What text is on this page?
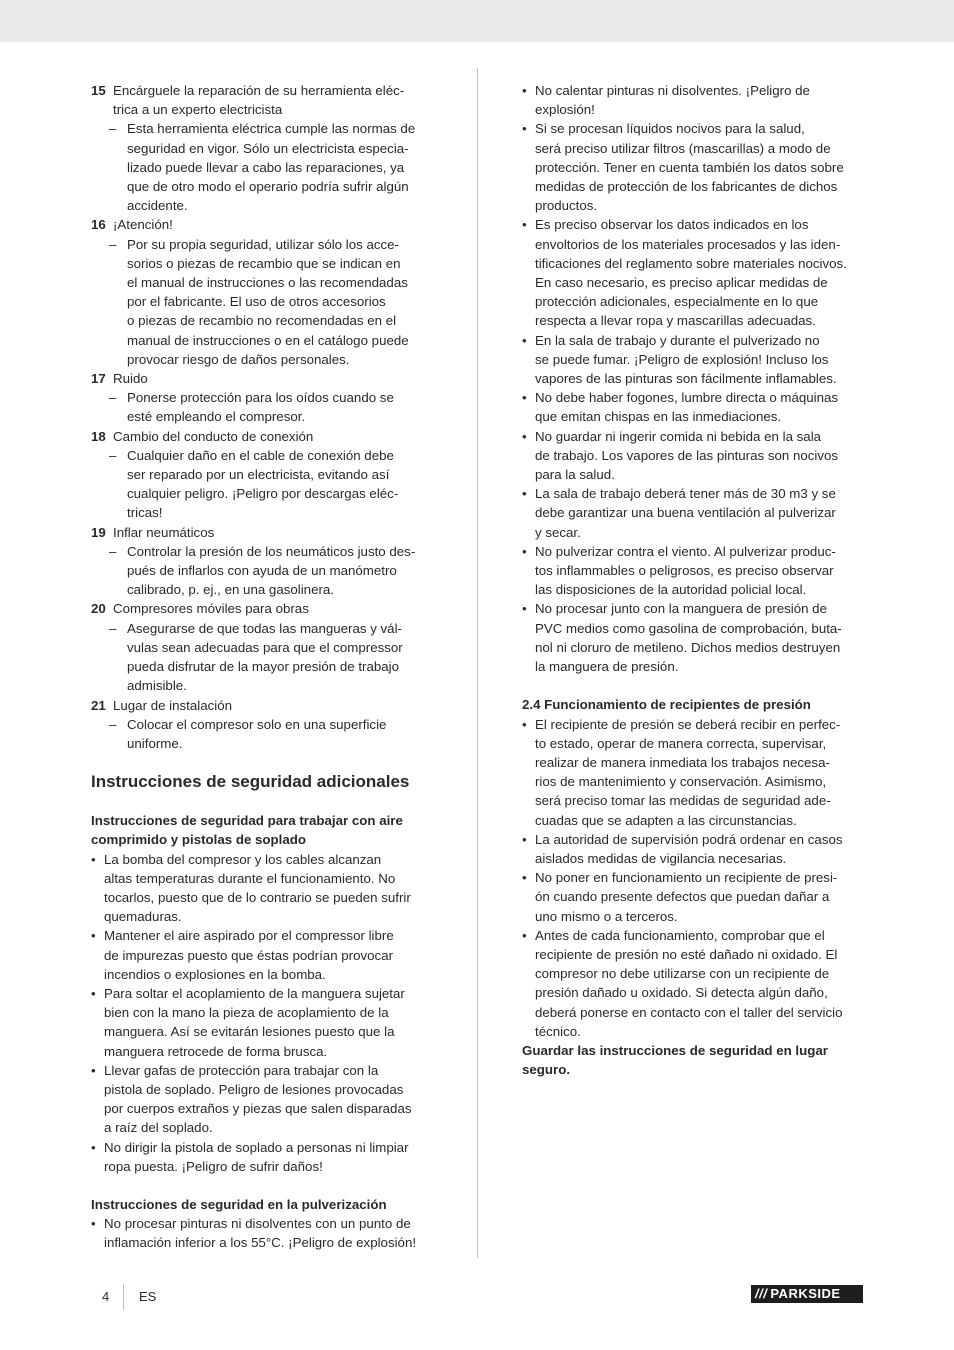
15 Encárguele la reparación de su herramienta eléc-
trica a un experto electricista
– Esta herramienta eléctrica cumple las normas de
seguridad en vigor. Sólo un electricista especia-
lizado puede llevar a cabo las reparaciones, ya
que de otro modo el operario podría sufrir algún
accidente.
16 ¡Atención!
– Por su propia seguridad, utilizar sólo los acce-
sorios o piezas de recambio que se indican en
el manual de instrucciones o las recomendadas
por el fabricante. El uso de otros accesorios
o piezas de recambio no recomendadas en el
manual de instrucciones o en el catálogo puede
provocar riesgo de daños personales.
17 Ruido
– Ponerse protección para los oídos cuando se
esté empleando el compresor.
18 Cambio del conducto de conexión
– Cualquier daño en el cable de conexión debe
ser reparado por un electricista, evitando así
cualquier peligro. ¡Peligro por descargas eléc-
tricas!
19 Inflar neumáticos
– Controlar la presión de los neumáticos justo des-
pués de inflarlos con ayuda de un manómetro
calibrado, p. ej., en una gasolinera.
20 Compresores móviles para obras
– Asegurarse de que todas las mangueras y vál-
vulas sean adecuadas para que el compressor
pueda disfrutar de la mayor presión de trabajo
admisible.
21 Lugar de instalación
– Colocar el compresor solo en una superficie
uniforme.
Instrucciones de seguridad adicionales
Instrucciones de seguridad para trabajar con aire
comprimido y pistolas de soplado
• La bomba del compresor y los cables alcanzan
altas temperaturas durante el funcionamiento. No
tocarlos, puesto que de lo contrario se pueden sufrir
quemaduras.
• Mantener el aire aspirado por el compressor libre
de impurezas puesto que éstas podrían provocar
incendios o explosiones en la bomba.
• Para soltar el acoplamiento de la manguera sujetar
bien con la mano la pieza de acoplamiento de la
manguera. Así se evitarán lesiones puesto que la
manguera retrocede de forma brusca.
• Llevar gafas de protección para trabajar con la
pistola de soplado. Peligro de lesiones provocadas
por cuerpos extraños y piezas que salen disparadas
a raíz del soplado.
• No dirigir la pistola de soplado a personas ni limpiar
ropa puesta. ¡Peligro de sufrir daños!
Instrucciones de seguridad en la pulverización
• No procesar pinturas ni disolventes con un punto de
inflamación inferior a los 55°C. ¡Peligro de explosión!
• No calentar pinturas ni disolventes. ¡Peligro de
explosión!
• Si se procesan líquidos nocivos para la salud,
será preciso utilizar filtros (mascarillas) a modo de
protección. Tener en cuenta también los datos sobre
medidas de protección de los fabricantes de dichos
productos.
• Es preciso observar los datos indicados en los
envoltorios de los materiales procesados y las iden-
tificaciones del reglamento sobre materiales nocivos.
En caso necesario, es preciso aplicar medidas de
protección adicionales, especialmente en lo que
respecta a llevar ropa y mascarillas adecuadas.
• En la sala de trabajo y durante el pulverizado no
se puede fumar. ¡Peligro de explosión! Incluso los
vapores de las pinturas son fácilmente inflamables.
• No debe haber fogones, lumbre directa o máquinas
que emitan chispas en las inmediaciones.
• No guardar ni ingerir comida ni bebida en la sala
de trabajo. Los vapores de las pinturas son nocivos
para la salud.
• La sala de trabajo deberá tener más de 30 m3 y se
debe garantizar una buena ventilación al pulverizar
y secar.
• No pulverizar contra el viento. Al pulverizar produc-
tos inflammables o peligrosos, es preciso observar
las disposiciones de la autoridad policial local.
• No procesar junto con la manguera de presión de
PVC medios como gasolina de comprobación, buta-
nol ni cloruro de metileno. Dichos medios destruyen
la manguera de presión.
2.4 Funcionamiento de recipientes de presión
• El recipiente de presión se deberá recibir en perfec-
to estado, operar de manera correcta, supervisar,
realizar de manera inmediata los trabajos necesa-
rios de mantenimiento y conservación. Asimismo,
será preciso tomar las medidas de seguridad ade-
cuadas que se adapten a las circunstancias.
• La autoridad de supervisión podrá ordenar en casos
aislados medidas de vigilancia necesarias.
• No poner en funcionamiento un recipiente de presi-
ón cuando presente defectos que puedan dañar a
uno mismo o a terceros.
• Antes de cada funcionamiento, comprobar que el
recipiente de presión no esté dañado ni oxidado. El
compresor no debe utilizarse con un recipiente de
presión dañado u oxidado. Si detecta algún daño,
deberá ponerse en contacto con el taller del servicio
técnico.
Guardar las instrucciones de seguridad en lugar
seguro.
4 ES	/// PARKSIDE
